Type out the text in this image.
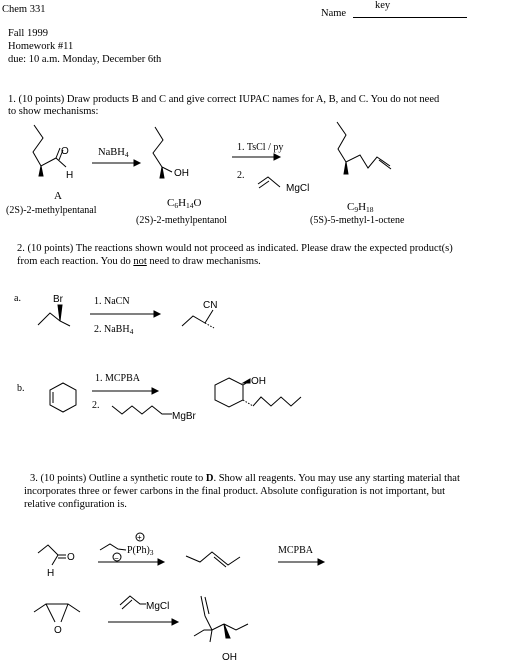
Chem 331	Name
key
Fall 1999
Homework #11
due: 10 a.m. Monday, December 6th
1. (10 points) Draw products B and C and give correct IUPAC names for A, B, and C. You do not need
to show mechanisms:
O
H
NaBH$_4$
OH
MgCl
1. TsCl / py
2.
A
(2S)-2-methylpentanal
$C_6H_{14}O$
(2S)-2-methylpentanol
$C_9H_{18}$
(5S)-5-methyl-1-octene
2. (10 points) The reactions shown would not proceed as indicated. Please draw the expected product(s)
from each reaction. You do not need to draw mechanisms.
a.	Br	1. NaCN
2. NaBH$_4$
CN
b.
MgBr
1. MCPBA
2.
OH
3. (10 points) Outline a synthetic route to D. Show all reagents. You may use any starting material that
incorporates three or fewer carbons in the final product. Absolute configuration is not important, but
relative configuration is.
O
H
−
+
$P(Ph)_3$	MCPBA
O
MgCl
OH
